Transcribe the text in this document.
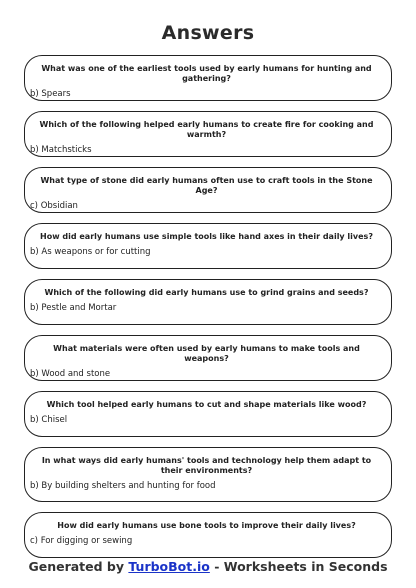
Answers
What was one of the earliest tools used by early humans for hunting and gathering?
b) Spears
Which of the following helped early humans to create fire for cooking and warmth?
b) Matchsticks
What type of stone did early humans often use to craft tools in the Stone Age?
c) Obsidian
How did early humans use simple tools like hand axes in their daily lives?
b) As weapons or for cutting
Which of the following did early humans use to grind grains and seeds?
b) Pestle and Mortar
What materials were often used by early humans to make tools and weapons?
b) Wood and stone
Which tool helped early humans to cut and shape materials like wood?
b) Chisel
In what ways did early humans' tools and technology help them adapt to their environments?
b) By building shelters and hunting for food
How did early humans use bone tools to improve their daily lives?
c) For digging or sewing
Generated by TurboBot.io - Worksheets in Seconds
